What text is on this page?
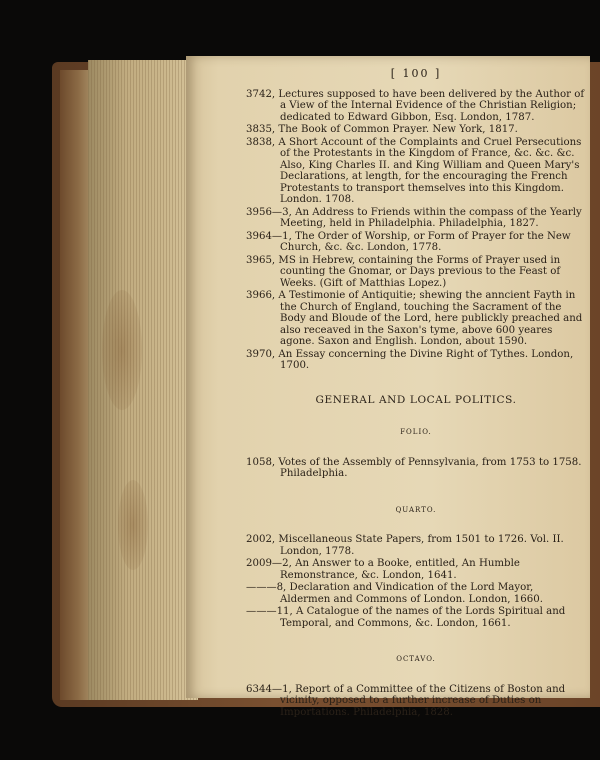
[ 100 ]
3742, Lectures supposed to have been delivered by the Author of a View of the Internal Evidence of the Christian Religion; dedicated to Edward Gibbon, Esq. London, 1787.
3835, The Book of Common Prayer. New York, 1817.
3838, A Short Account of the Complaints and Cruel Persecutions of the Protestants in the Kingdom of France, &c. &c. &c. Also, King Charles II. and King William and Queen Mary's Declarations, at length, for the encouraging the French Protestants to transport themselves into this Kingdom. London. 1708.
3956—3, An Address to Friends within the compass of the Yearly Meeting, held in Philadelphia. Philadelphia, 1827.
3964—1, The Order of Worship, or Form of Prayer for the New Church, &c. &c. London, 1778.
3965, MS in Hebrew, containing the Forms of Prayer used in counting the Gnomar, or Days previous to the Feast of Weeks. (Gift of Matthias Lopez.)
3966, A Testimonie of Antiquitie; shewing the anncient Fayth in the Church of England, touching the Sacrament of the Body and Bloude of the Lord, here publickly preached and also receaved in the Saxon's tyme, above 600 yeares agone. Saxon and English. London, about 1590.
3970, An Essay concerning the Divine Right of Tythes. London, 1700.
GENERAL AND LOCAL POLITICS.
FOLIO.
1058, Votes of the Assembly of Pennsylvania, from 1753 to 1758. Philadelphia.
QUARTO.
2002, Miscellaneous State Papers, from 1501 to 1726. Vol. II. London, 1778.
2009—2, An Answer to a Booke, entitled, An Humble Remonstrance, &c. London, 1641.
———8, Declaration and Vindication of the Lord Mayor, Aldermen and Commons of London. London, 1660.
———11, A Catalogue of the names of the Lords Spiritual and Temporal, and Commons, &c. London, 1661.
OCTAVO.
6344—1, Report of a Committee of the Citizens of Boston and vicinity, opposed to a further increase of Duties on Importations. Philadelphia, 1828.
